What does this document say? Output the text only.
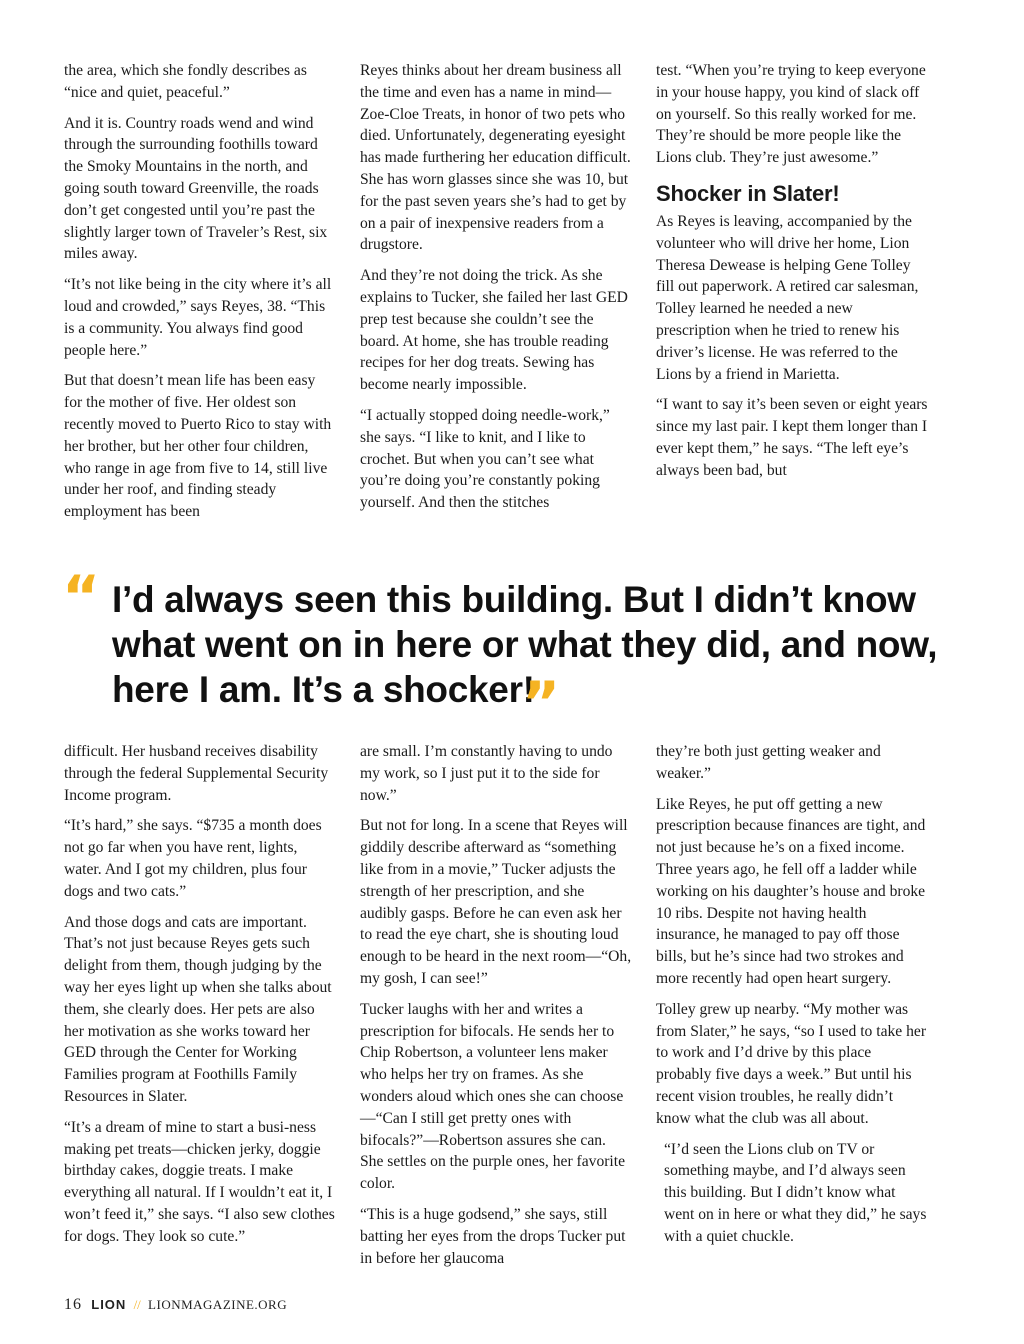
the area, which she fondly describes as “nice and quiet, peaceful.”

And it is. Country roads wend and wind through the surrounding foothills toward the Smoky Mountains in the north, and going south toward Greenville, the roads don’t get congested until you’re past the slightly larger town of Traveler’s Rest, six miles away.

“It’s not like being in the city where it’s all loud and crowded,” says Reyes, 38. “This is a community. You always find good people here.”

But that doesn’t mean life has been easy for the mother of five. Her oldest son recently moved to Puerto Rico to stay with her brother, but her other four children, who range in age from five to 14, still live under her roof, and finding steady employment has been

Reyes thinks about her dream business all the time and even has a name in mind—Zoe-Cloe Treats, in honor of two pets who died. Unfortunately, degenerating eyesight has made furthering her education difficult. She has worn glasses since she was 10, but for the past seven years she’s had to get by on a pair of inexpensive readers from a drugstore.

And they’re not doing the trick. As she explains to Tucker, she failed her last GED prep test because she couldn’t see the board. At home, she has trouble reading recipes for her dog treats. Sewing has become nearly impossible.

“I actually stopped doing needle-work,” she says. “I like to knit, and I like to crochet. But when you can’t see what you’re doing you’re constantly poking yourself. And then the stitches

test. “When you’re trying to keep everyone in your house happy, you kind of slack off on yourself. So this really worked for me. They’re should be more people like the Lions club. They’re just awesome.”

Shocker in Slater!

As Reyes is leaving, accompanied by the volunteer who will drive her home, Lion Theresa Dewease is helping Gene Tolley fill out paperwork. A retired car salesman, Tolley learned he needed a new prescription when he tried to renew his driver’s license. He was referred to the Lions by a friend in Marietta.

“I want to say it’s been seven or eight years since my last pair. I kept them longer than I ever kept them,” he says. “The left eye’s always been bad, but

“ I’d always seen this building. But I didn’t know what went on in here or what they did, and now, here I am. It’s a shocker!

”

difficult. Her husband receives disability through the federal Supplemental Security Income program.

“It’s hard,” she says. “$735 a month does not go far when you have rent, lights, water. And I got my children, plus four dogs and two cats.”

And those dogs and cats are important. That’s not just because Reyes gets such delight from them, though judging by the way her eyes light up when she talks about them, she clearly does. Her pets are also her motivation as she works toward her GED through the Center for Working Families program at Foothills Family Resources in Slater.

“It’s a dream of mine to start a busi-ness making pet treats—chicken jerky, doggie birthday cakes, doggie treats. I make everything all natural. If I wouldn’t eat it, I won’t feed it,” she says. “I also sew clothes for dogs. They look so cute.”

are small. I’m constantly having to undo my work, so I just put it to the side for now.”

But not for long. In a scene that Reyes will giddily describe afterward as “something like from in a movie,” Tucker adjusts the strength of her prescription, and she audibly gasps. Before he can even ask her to read the eye chart, she is shouting loud enough to be heard in the next room—“Oh, my gosh, I can see!”

Tucker laughs with her and writes a prescription for bifocals. He sends her to Chip Robertson, a volunteer lens maker who helps her try on frames. As she wonders aloud which ones she can choose—“Can I still get pretty ones with bifocals?”—Robertson assures she can. She settles on the purple ones, her favorite color.

“This is a huge godsend,” she says, still batting her eyes from the drops Tucker put in before her glaucoma

they’re both just getting weaker and weaker.”

Like Reyes, he put off getting a new prescription because finances are tight, and not just because he’s on a fixed income. Three years ago, he fell off a ladder while working on his daughter’s house and broke 10 ribs. Despite not having health insurance, he managed to pay off those bills, but he’s since had two strokes and more recently had open heart surgery.

Tolley grew up nearby. “My mother was from Slater,” he says, “so I used to take her to work and I’d drive by this place probably five days a week.” But until his recent vision troubles, he really didn’t know what the club was all about.

“I’d seen the Lions club on TV or something maybe, and I’d always seen this building. But I didn’t know what went on in here or what they did,” he says with a quiet chuckle.

16 LION // LIONMAGAZINE.ORG
